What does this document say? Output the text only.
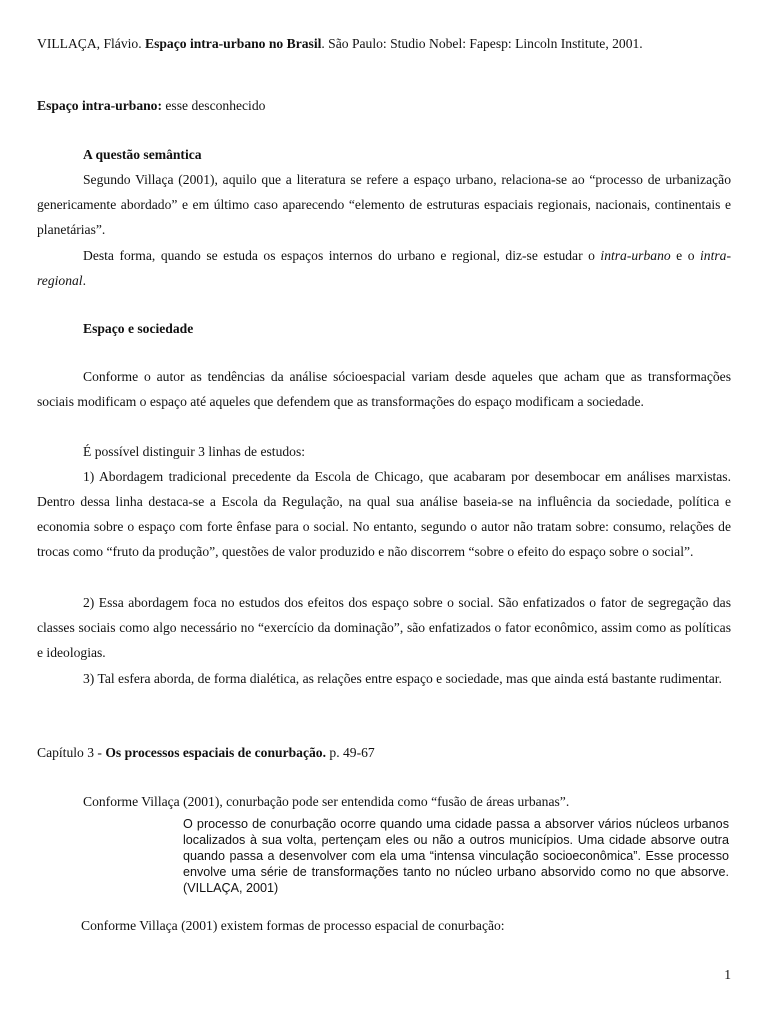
VILLAÇA, Flávio. Espaço intra-urbano no Brasil. São Paulo: Studio Nobel: Fapesp: Lincoln Institute, 2001.

Espaço intra-urbano: esse desconhecido

A questão semântica

Segundo Villaça (2001), aquilo que a literatura se refere a espaço urbano, relaciona-se ao “processo de urbanização genericamente abordado” e em último caso aparecendo “elemento de estruturas espaciais regionais, nacionais, continentais e planetárias”.

Desta forma, quando se estuda os espaços internos do urbano e regional, diz-se estudar o intra-urbano e o intra-regional.

Espaço e sociedade

Conforme o autor as tendências da análise sócioespacial variam desde aqueles que acham que as transformações sociais modificam o espaço até aqueles que defendem que as transformações do espaço modificam a sociedade.

É possível distinguir 3 linhas de estudos:

1) Abordagem tradicional precedente da Escola de Chicago, que acabaram por desembocar em análises marxistas. Dentro dessa linha destaca-se a Escola da Regulação, na qual sua análise baseia-se na influência da sociedade, política e economia sobre o espaço com forte ênfase para o social. No entanto, segundo o autor não tratam sobre: consumo, relações de trocas como “fruto da produção”, questões de valor produzido e não discorrem “sobre o efeito do espaço sobre o social”.

2) Essa abordagem foca no estudos dos efeitos dos espaço sobre o social. São enfatizados o fator de segregação das classes sociais como algo necessário no “exercício da dominação”, são enfatizados o fator econômico, assim como as políticas e ideologias.

3) Tal esfera aborda, de forma dialética, as relações entre espaço e sociedade, mas que ainda está bastante rudimentar.

Capítulo 3 - Os processos espaciais de conurbação. p. 49-67

Conforme Villaça (2001), conurbação pode ser entendida como “fusão de áreas urbanas”.

O processo de conurbação ocorre quando uma cidade passa a absorver vários núcleos urbanos localizados à sua volta, pertençam eles ou não a outros municípios. Uma cidade absorve outra quando passa a desenvolver com ela uma “intensa vinculação socioeconômica”. Esse processo envolve uma série de transformações tanto no núcleo urbano absorvido como no que absorve. (VILLAÇA, 2001)

Conforme Villaça (2001) existem formas de processo espacial de conurbação:

1
